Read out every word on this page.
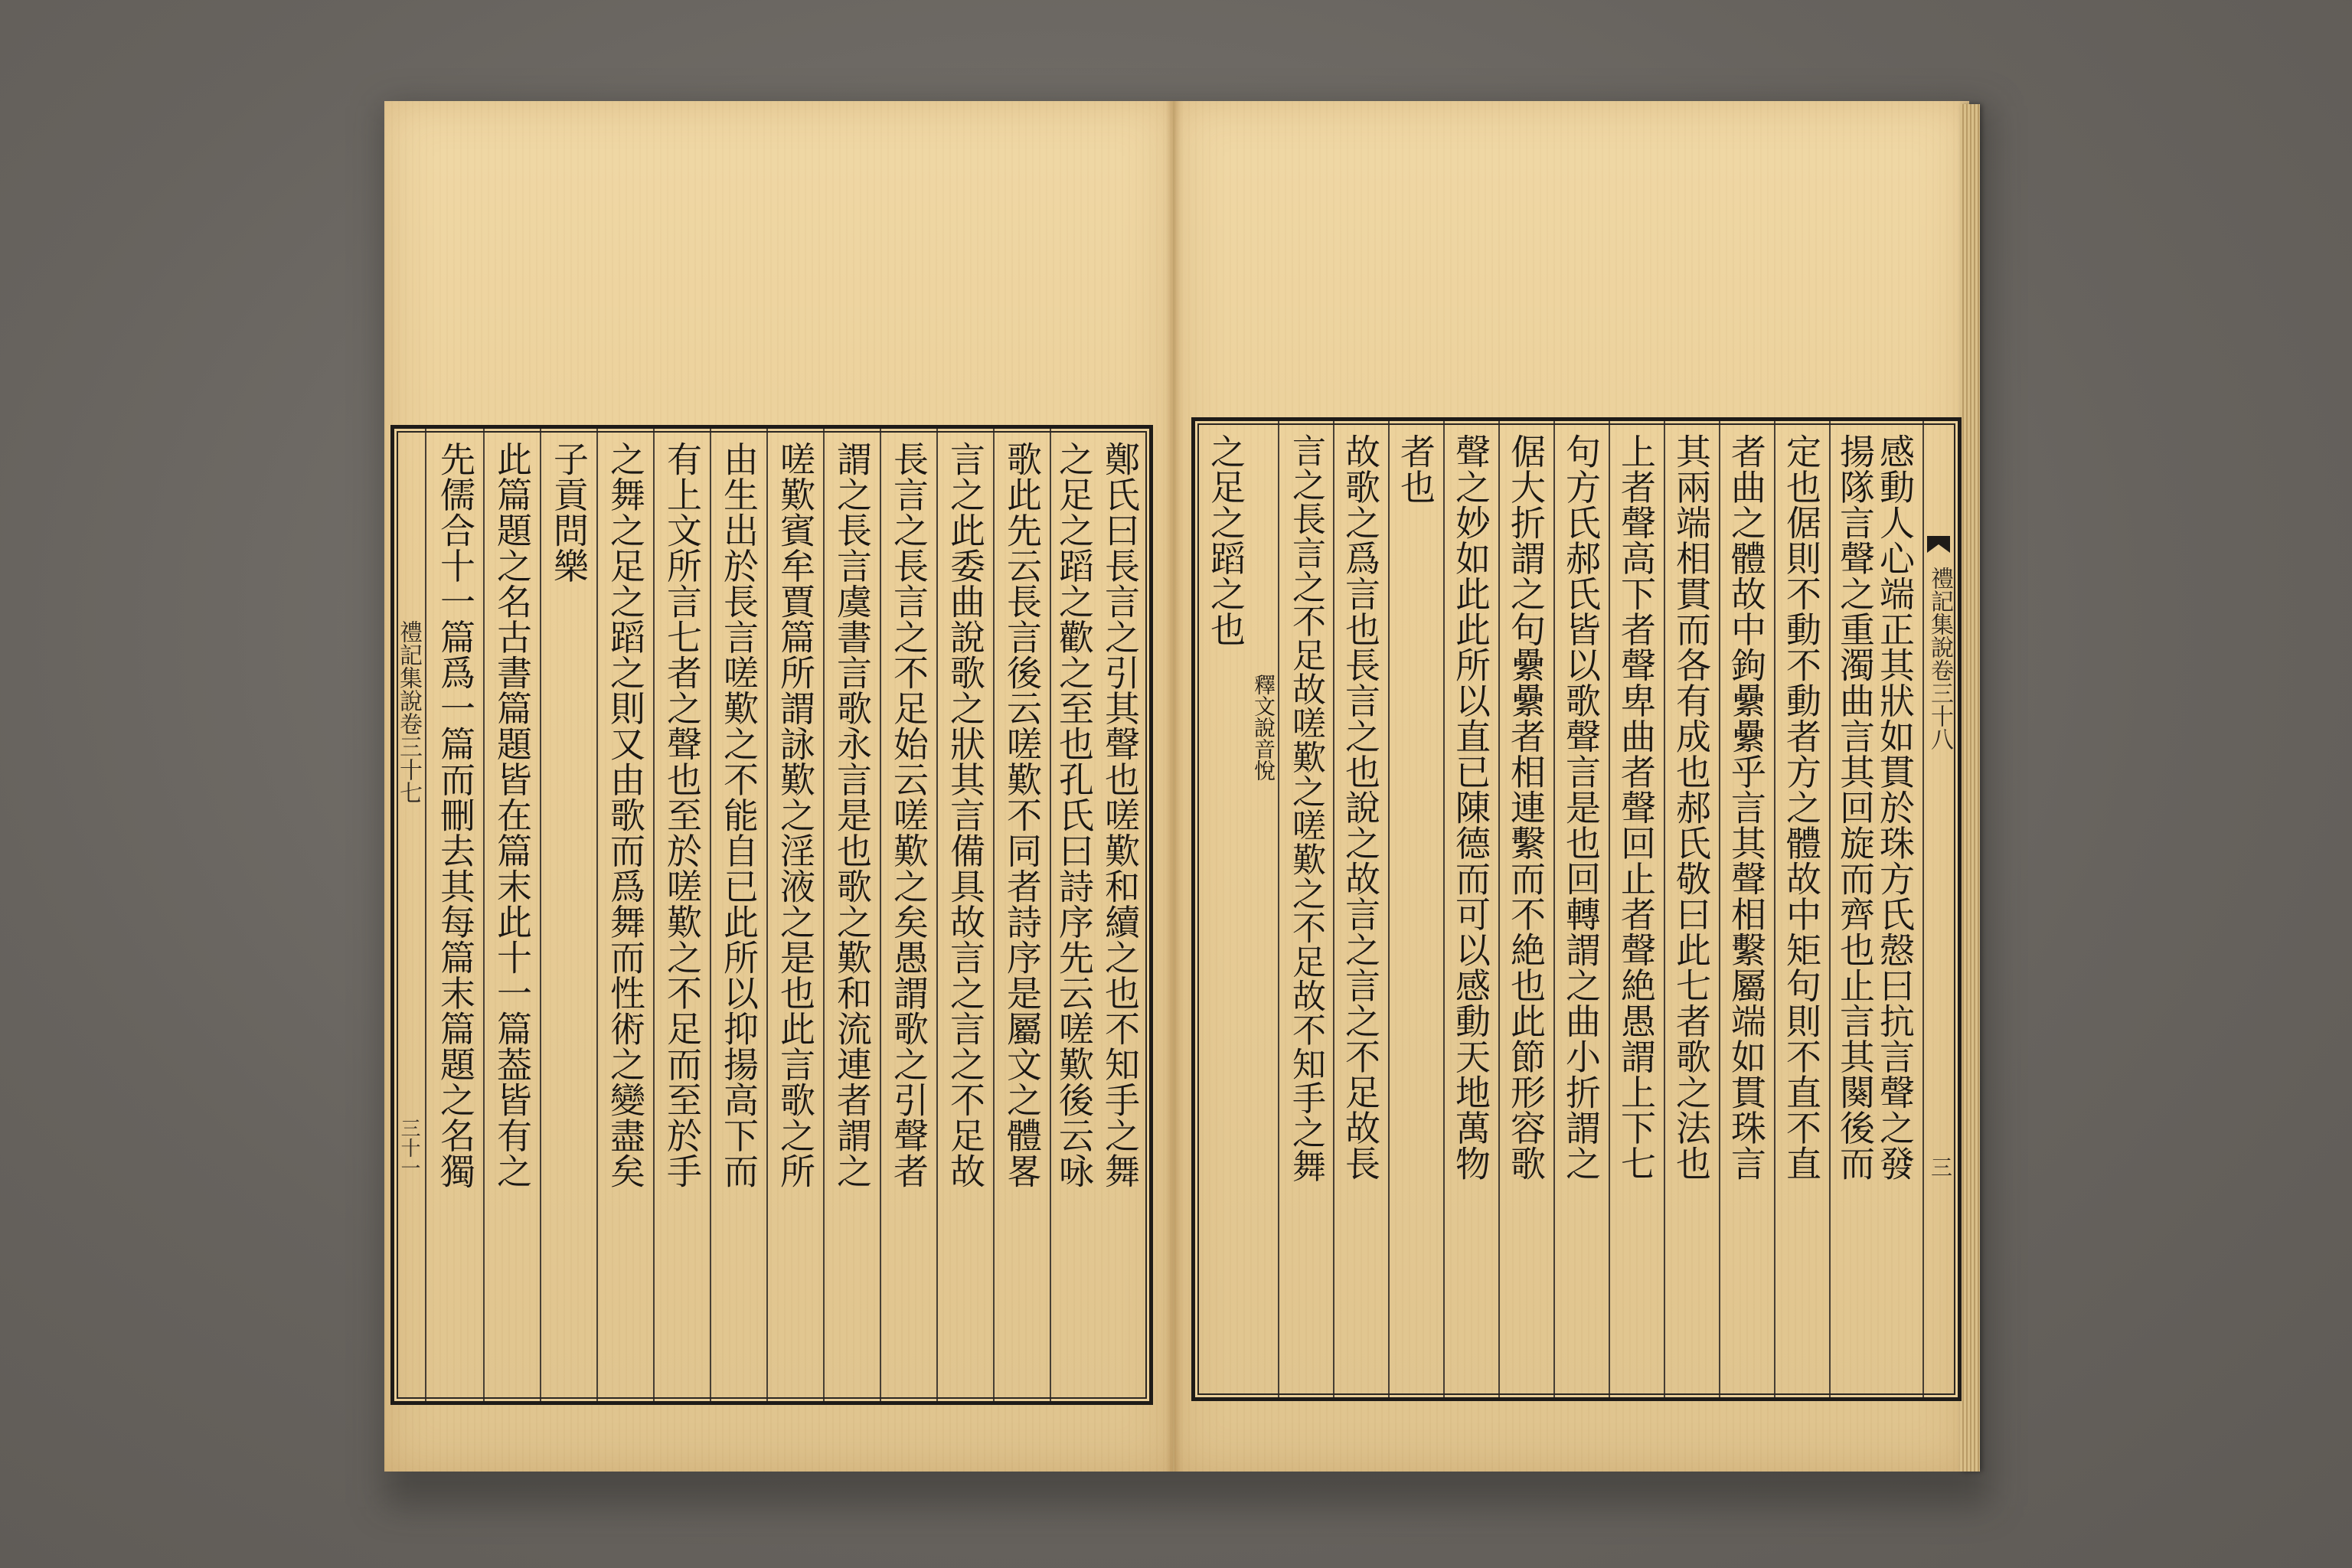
禮記集說卷三十七
三十一 先儒合十一篇爲一篇而刪去其每篇末篇題之名獨 此篇題之名古書篇題皆在篇末此十一篇葢皆有之 子貢問樂 之舞之足之蹈之則又由歌而爲舞而性術之變盡矣 有上文所言七者之聲也至於嗟歎之不足而至於手 由生出於長言嗟歎之不能自已此所以抑揚高下而 嗟歎賓牟賈篇所謂詠歎之淫液之是也此言歌之所 謂之長言虞書言歌永言是也歌之歎和流連者謂之 長言之長言之不足始云嗟歎之矣愚謂歌之引聲者 言之此委曲說歌之狀其言備具故言之言之不足故 歌此先云長言後云嗟歎不同者詩序是屬文之體畧 之足之蹈之歡之至也孔氏曰詩序先云嗟歎後云咏 鄭氏曰長言之引其聲也嗟歎和續之也不知手之舞 之足之蹈之也
釋文說音悅 言之長言之不足故嗟歎之嗟歎之不足故不知手之舞 故歌之爲言也長言之也說之故言之言之不足故長 者也 聲之妙如此此所以直已陳德而可以感動天地萬物 倨大折謂之句纍纍者相連繫而不絶也此節形容歌 句方氏郝氏皆以歌聲言是也回轉謂之曲小折謂之 上者聲高下者聲卑曲者聲回止者聲絶愚謂上下七 其兩端相貫而各有成也郝氏敬曰此七者歌之法也 者曲之體故中鉤纍纍乎言其聲相繫屬端如貫珠言 定也倨則不動不動者方之體故中矩句則不直不直 揚隊言聲之重濁曲言其回旋而齊也止言其闋後而
感動人心端正其狀如貫於珠方氏慤曰抗言聲之發 禮記集說卷三十八
三
